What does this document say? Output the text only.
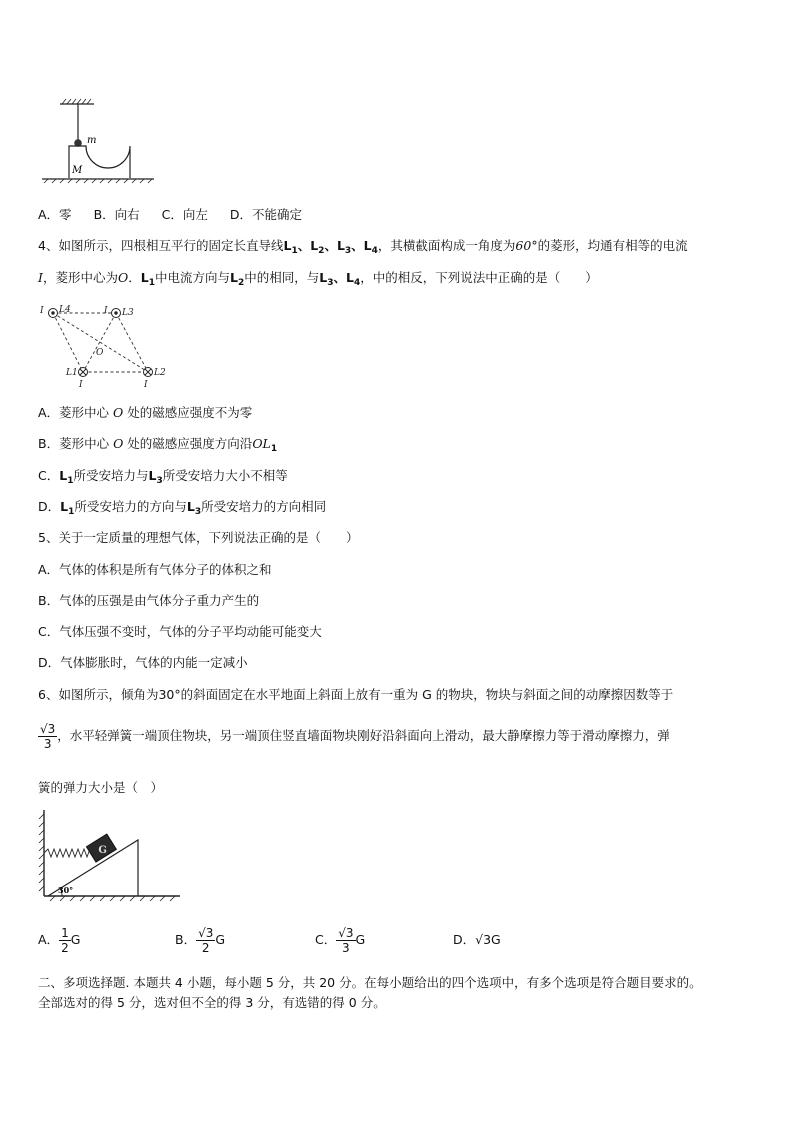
m
M
A．零 B．向右 C．向左 D．不能确定
4、如图所示，四根相互平行的固定长直导线$L_1$、$L_2$、$L_3$、$L_4$，其横截面构成一角度为60°的菱形，均通有相等的电流
I，菱形中心为O．$L_1$中电流方向与$L_2$中的相同，与$L_3$、$L_4$，中的相反，下列说法中正确的是（　　）
I L4	I L3
O
L1
I
L2
I
A．菱形中心 O 处的磁感应强度不为零
B．菱形中心 O 处的磁感应强度方向沿$OL_1$
C．$L_1$所受安培力与$L_3$所受安培力大小不相等
D．$L_1$所受安培力的方向与$L_3$所受安培力的方向相同
5、关于一定质量的理想气体，下列说法正确的是（　　）
A．气体的体积是所有气体分子的体积之和
B．气体的压强是由气体分子重力产生的
C．气体压强不变时，气体的分子平均动能可能变大
D．气体膨胀时，气体的内能一定减小
6、如图所示，倾角为30°的斜面固定在水平地面上斜面上放有一重为 G 的物块，物块与斜面之间的动摩擦因数等于
$\frac{√3}{3}$ ，水平轻弹簧一端顶住物块，另一端顶住竖直墙面物块刚好沿斜面向上滑动，最大静摩擦力等于滑动摩擦力，弹
簧的弹力大小是（　）
30°
G
A． $\frac{1}{2}$ G	B． $\frac{√3}{2}$ G	C． $\frac{√3}{3}$ G	D．√3G
二、多项选择题. 本题共 4 小题，每小题 5 分，共 20 分。在每小题给出的四个选项中，有多个选项是符合题目要求的。
全部选对的得 5 分，选对但不全的得 3 分，有选错的得 0 分。
